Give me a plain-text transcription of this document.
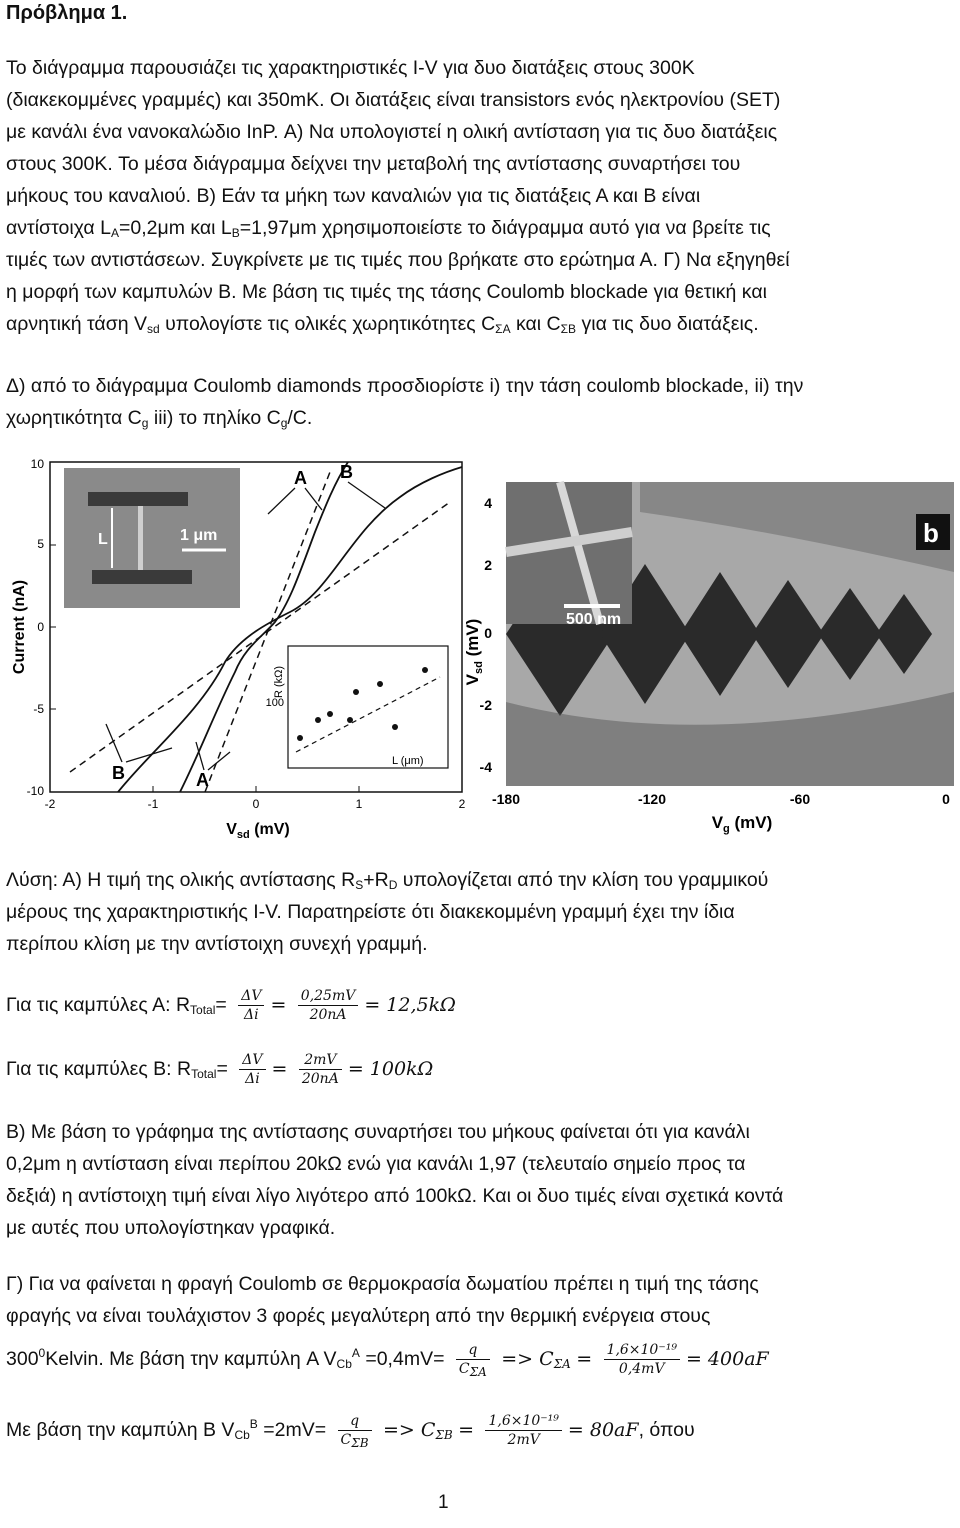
Πρόβλημα 1.
Το διάγραμμα παρουσιάζει τις χαρακτηριστικές I-V για δυο διατάξεις στους 300K
(διακεκομμένες γραμμές) και 350mK. Οι διατάξεις είναι transistors ενός ηλεκτρονίου (SET)
με κανάλι ένα νανοκαλώδιο InP. Α) Να υπολογιστεί η ολική αντίσταση για τις δυο διατάξεις
στους 300K. Το μέσα διάγραμμα δείχνει την μεταβολή της αντίστασης συναρτήσει του
μήκους του καναλιού. Β) Εάν τα μήκη των καναλιών για τις διατάξεις Α και Β είναι
αντίστοιχα $L_A=0,2\mu m$ και $L_B=1,97\mu m$ χρησιμοποιείστε το διάγραμμα αυτό για να βρείτε τις
τιμές των αντιστάσεων. Συγκρίνετε με τις τιμές που βρήκατε στο ερώτημα Α. Γ) Να εξηγηθεί
η μορφή των καμπυλών Β. Με βάση τις τιμές της τάσης Coulomb blockade για θετική και
αρνητική τάση $V_{sd}$ υπολογίστε τις ολικές χωρητικότητες $C_{\Sigma A}$ και $C_{\Sigma B}$ για τις δυο διατάξεις.
Δ) από το διάγραμμα Coulomb diamonds προσδιορίστε i) την τάση coulomb blockade, ii) την
χωρητικότητα $C_g$ iii) το πηλίκο $C_g/C$.
10
5
0
-5
-10
-2	-1	0	1	2
Current (nA)
$V_{sd}$ (mV)
L	1 μm
R (kΩ)
100
L (μm)
A B
B	A
500 nm
b
4
2
0
-2
-4
-180	-120	-60	0
$V_{sd}$ (mV)
$V_g$ (mV)
Λύση: Α) Η τιμή της ολικής αντίστασης $R_S+R_D$ υπολογίζεται από την κλίση του γραμμικού
μέρους της χαρακτηριστικής I-V. Παρατηρείστε ότι διακεκομμένη γραμμή έχει την ίδια
περίπου κλίση με την αντίστοιχη συνεχή γραμμή.
Για τις καμπύλες Α: $R_{Total}= \frac{\Delta V}{\Delta i} = \frac{0,25mV}{20nA} = 12,5k\Omega$
Για τις καμπύλες Β: $R_{Total}= \frac{\Delta V}{\Delta i} = \frac{2mV}{20nA} = 100k\Omega$
Β) Με βάση το γράφημα της αντίστασης συναρτήσει του μήκους φαίνεται ότι για κανάλι
0,2μm η αντίσταση είναι περίπου 20kΩ ενώ για κανάλι 1,97 (τελευταίο σημείο προς τα
δεξιά) η αντίστοιχη τιμή είναι λίγο λιγότερο από 100kΩ. Και οι δυο τιμές είναι σχετικά κοντά
με αυτές που υπολογίστηκαν γραφικά.
Γ) Για να φαίνεται η φραγή Coulomb σε θερμοκρασία δωματίου πρέπει η τιμή της τάσης
φραγής να είναι τουλάχιστον 3 φορές μεγαλύτερη από την θερμική ενέργεια στους
$300^0Kelvin$. Με βάση την καμπύλη A $V_{Cb}^A =0,4mV= \frac{q}{C_{\Sigma A}} => C_{\Sigma A} = \frac{\text{1,6×10⁻¹⁹}}{0,4mV} = 400aF$
Με βάση την καμπύλη B $V_{Cb}^B =2mV= \frac{q}{C_{\Sigma B}} => C_{\Sigma B} = \frac{\text{1,6×10⁻¹⁹}}{2mV} = 80aF$, όπου
1
